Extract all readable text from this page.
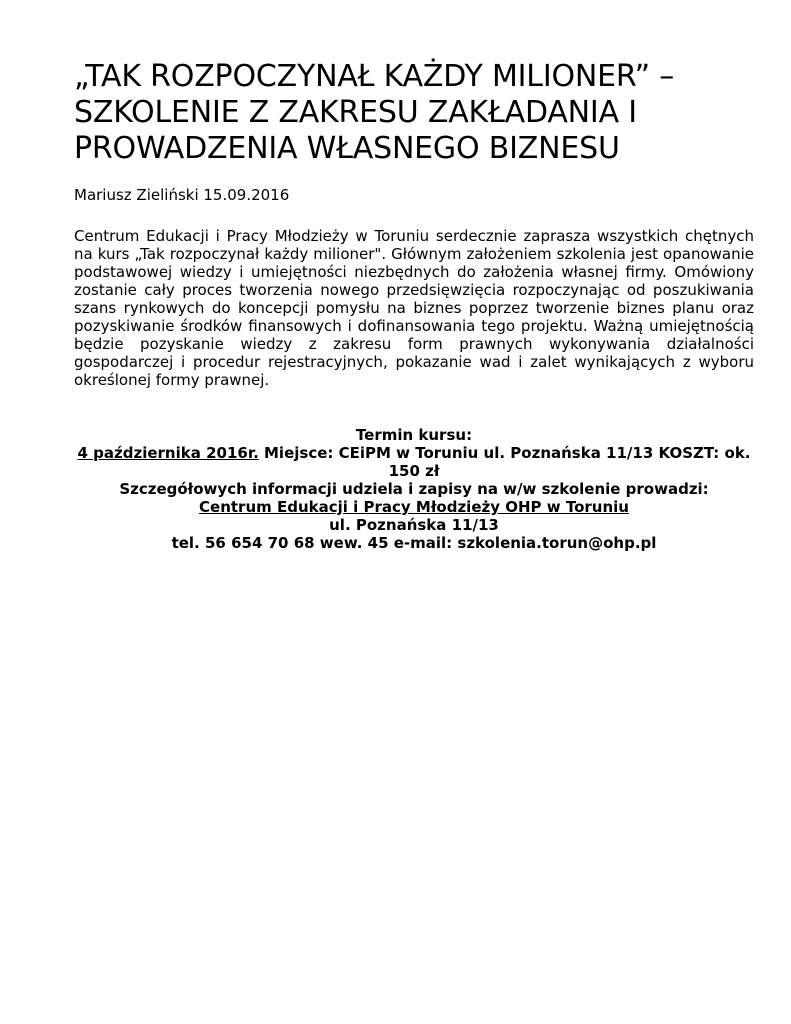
„TAK ROZPOCZYNAŁ KAŻDY MILIONER” –
SZKOLENIE Z ZAKRESU ZAKŁADANIA I
PROWADZENIA WŁASNEGO BIZNESU

Mariusz Zieliński 15.09.2016

Centrum Edukacji i Pracy Młodzieży w Toruniu serdecznie zaprasza wszystkich chętnych na kurs „Tak rozpoczynał każdy milioner". Głównym założeniem szkolenia jest opanowanie podstawowej wiedzy i umiejętności niezbędnych do założenia własnej firmy. Omówiony zostanie cały proces tworzenia nowego przedsięwzięcia rozpoczynając od poszukiwania szans rynkowych do koncepcji pomysłu na biznes poprzez tworzenie biznes planu oraz pozyskiwanie środków finansowych i dofinansowania tego projektu. Ważną umiejętnością będzie pozyskanie wiedzy z zakresu form prawnych wykonywania działalności gospodarczej i procedur rejestracyjnych, pokazanie wad i zalet wynikających z wyboru określonej formy prawnej.

Termin kursu:

4 października 2016r. Miejsce: CEiPM w Toruniu ul. Poznańska 11/13 KOSZT: ok. 150 zł

Szczegółowych informacji udziela i zapisy na w/w szkolenie prowadzi:

Centrum Edukacji i Pracy Młodzieży OHP w Toruniu

ul. Poznańska 11/13

tel. 56 654 70 68 wew. 45 e-mail: szkolenia.torun@ohp.pl
